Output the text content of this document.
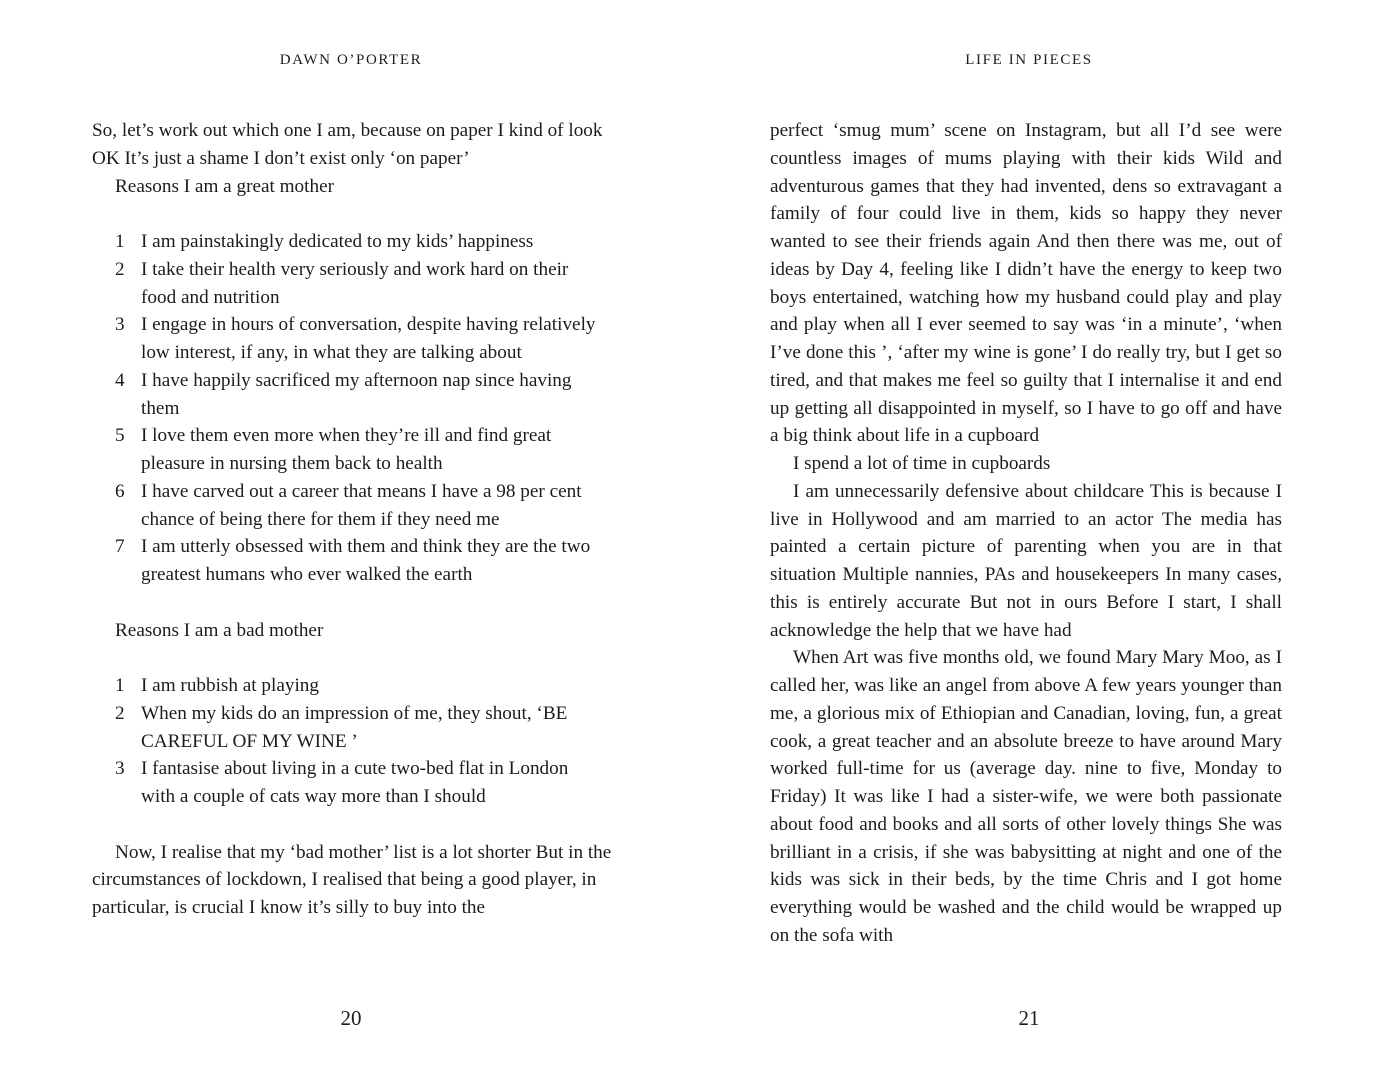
DAWN O’PORTER

So, let’s work out which one I am, because on paper I kind of look OK It’s just a shame I don’t exist only ‘on paper’

Reasons I am a great mother

1 I am painstakingly dedicated to my kids’ happiness
2 I take their health very seriously and work hard on their food and nutrition
3 I engage in hours of conversation, despite having relatively low interest, if any, in what they are talking about
4 I have happily sacrificed my afternoon nap since having them
5 I love them even more when they’re ill and find great pleasure in nursing them back to health
6 I have carved out a career that means I have a 98 per cent chance of being there for them if they need me
7 I am utterly obsessed with them and think they are the two greatest humans who ever walked the earth

Reasons I am a bad mother

1 I am rubbish at playing
2 When my kids do an impression of me, they shout, ‘BE CAREFUL OF MY WINE ’
3 I fantasise about living in a cute two-bed flat in London with a couple of cats way more than I should

Now, I realise that my ‘bad mother’ list is a lot shorter But in the circumstances of lockdown, I realised that being a good player, in particular, is crucial I know it’s silly to buy into the

20
LIFE IN PIECES

perfect ‘smug mum’ scene on Instagram, but all I’d see were countless images of mums playing with their kids Wild and adventurous games that they had invented, dens so extravagant a family of four could live in them, kids so happy they never wanted to see their friends again And then there was me, out of ideas by Day 4, feeling like I didn’t have the energy to keep two boys entertained, watching how my husband could play and play and play when all I ever seemed to say was ‘in a minute’, ‘when I’ve done this ’, ‘after my wine is gone’ I do really try, but I get so tired, and that makes me feel so guilty that I internalise it and end up getting all disappointed in myself, so I have to go off and have a big think about life in a cupboard

I spend a lot of time in cupboards

I am unnecessarily defensive about childcare This is because I live in Hollywood and am married to an actor The media has painted a certain picture of parenting when you are in that situation Multiple nannies, PAs and housekeepers In many cases, this is entirely accurate But not in ours Before I start, I shall acknowledge the help that we have had

When Art was five months old, we found Mary Mary Moo, as I called her, was like an angel from above A few years younger than me, a glorious mix of Ethiopian and Canadian, loving, fun, a great cook, a great teacher and an absolute breeze to have around Mary worked full-time for us (average day. nine to five, Monday to Friday) It was like I had a sister-wife, we were both passionate about food and books and all sorts of other lovely things She was brilliant in a crisis, if she was babysitting at night and one of the kids was sick in their beds, by the time Chris and I got home everything would be washed and the child would be wrapped up on the sofa with

21
